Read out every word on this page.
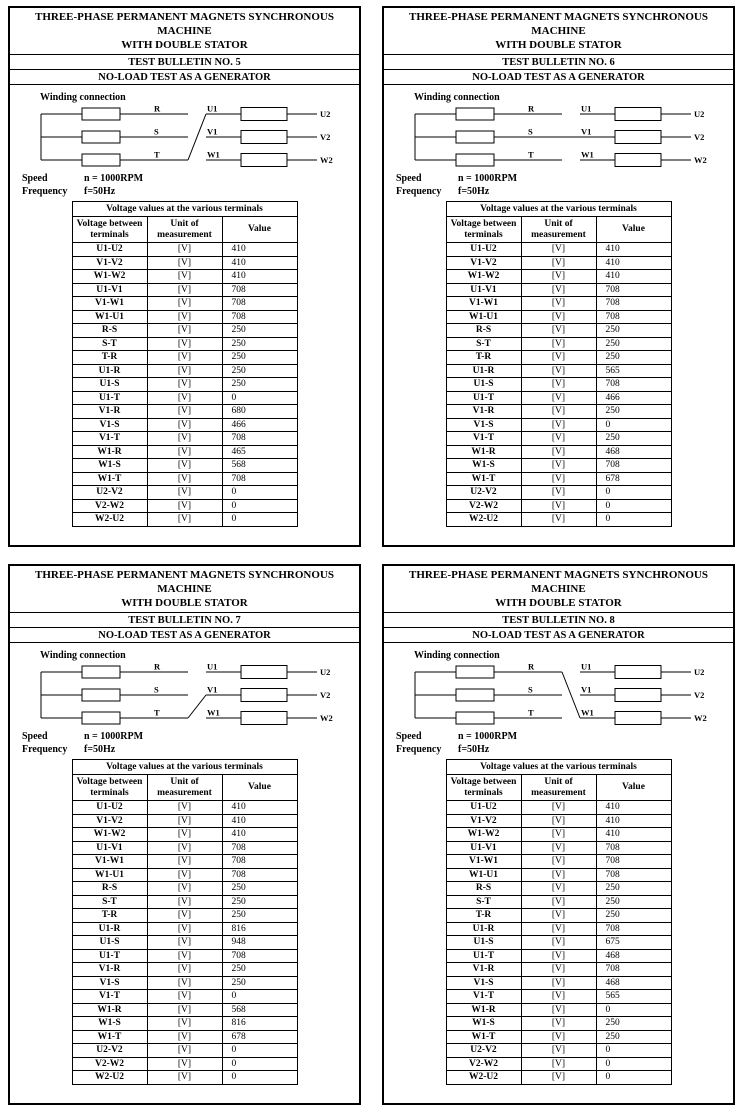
THREE-PHASE PERMANENT MAGNETS SYNCHRONOUS MACHINE
WITH DOUBLE STATOR
TEST BULLETIN NO. 5
NO-LOAD TEST AS A GENERATOR
Winding connection
R
S
T
U1
U2
V1
V2
W1
W2
Speed	n = 1000RPM
Frequency f=50Hz
Voltage values at the various terminals		
Voltage between terminals	Unit of measurement	Value
U1-U2	[V]	410
V1-V2	[V]	410
W1-W2	[V]	410
U1-V1	[V]	708
V1-W1	[V]	708
W1-U1	[V]	708
R-S	[V]	250
S-T	[V]	250
T-R	[V]	250
U1-R	[V]	250
U1-S	[V]	250
U1-T	[V]	0
V1-R	[V]	680
V1-S	[V]	466
V1-T	[V]	708
W1-R	[V]	465
W1-S	[V]	568
W1-T	[V]	708
U2-V2	[V]	0
V2-W2	[V]	0
W2-U2	[V]	0
THREE-PHASE PERMANENT MAGNETS SYNCHRONOUS MACHINE
WITH DOUBLE STATOR
TEST BULLETIN NO. 6
NO-LOAD TEST AS A GENERATOR
Winding connection
R
S
T
U1
U2
V1
V2
W1
W2
Speed	n = 1000RPM
Frequency f=50Hz
Voltage values at the various terminals		
Voltage between terminals	Unit of measurement	Value
U1-U2	[V]	410
V1-V2	[V]	410
W1-W2	[V]	410
U1-V1	[V]	708
V1-W1	[V]	708
W1-U1	[V]	708
R-S	[V]	250
S-T	[V]	250
T-R	[V]	250
U1-R	[V]	565
U1-S	[V]	708
U1-T	[V]	466
V1-R	[V]	250
V1-S	[V]	0
V1-T	[V]	250
W1-R	[V]	468
W1-S	[V]	708
W1-T	[V]	678
U2-V2	[V]	0
V2-W2	[V]	0
W2-U2	[V]	0
THREE-PHASE PERMANENT MAGNETS SYNCHRONOUS MACHINE
WITH DOUBLE STATOR
TEST BULLETIN NO. 7
NO-LOAD TEST AS A GENERATOR
Winding connection
R
S
T
U1
U2
V1
V2
W1
W2
Speed	n = 1000RPM
Frequency f=50Hz
Voltage values at the various terminals		
Voltage between terminals	Unit of measurement	Value
U1-U2	[V]	410
V1-V2	[V]	410
W1-W2	[V]	410
U1-V1	[V]	708
V1-W1	[V]	708
W1-U1	[V]	708
R-S	[V]	250
S-T	[V]	250
T-R	[V]	250
U1-R	[V]	816
U1-S	[V]	948
U1-T	[V]	708
V1-R	[V]	250
V1-S	[V]	250
V1-T	[V]	0
W1-R	[V]	568
W1-S	[V]	816
W1-T	[V]	678
U2-V2	[V]	0
V2-W2	[V]	0
W2-U2	[V]	0
THREE-PHASE PERMANENT MAGNETS SYNCHRONOUS MACHINE
WITH DOUBLE STATOR
TEST BULLETIN NO. 8
NO-LOAD TEST AS A GENERATOR
Winding connection
R
S
T
U1
U2
V1
V2
W1
W2
Speed	n = 1000RPM
Frequency f=50Hz
Voltage values at the various terminals		
Voltage between terminals	Unit of measurement	Value
U1-U2	[V]	410
V1-V2	[V]	410
W1-W2	[V]	410
U1-V1	[V]	708
V1-W1	[V]	708
W1-U1	[V]	708
R-S	[V]	250
S-T	[V]	250
T-R	[V]	250
U1-R	[V]	708
U1-S	[V]	675
U1-T	[V]	468
V1-R	[V]	708
V1-S	[V]	468
V1-T	[V]	565
W1-R	[V]	0
W1-S	[V]	250
W1-T	[V]	250
U2-V2	[V]	0
V2-W2	[V]	0
W2-U2	[V]	0
